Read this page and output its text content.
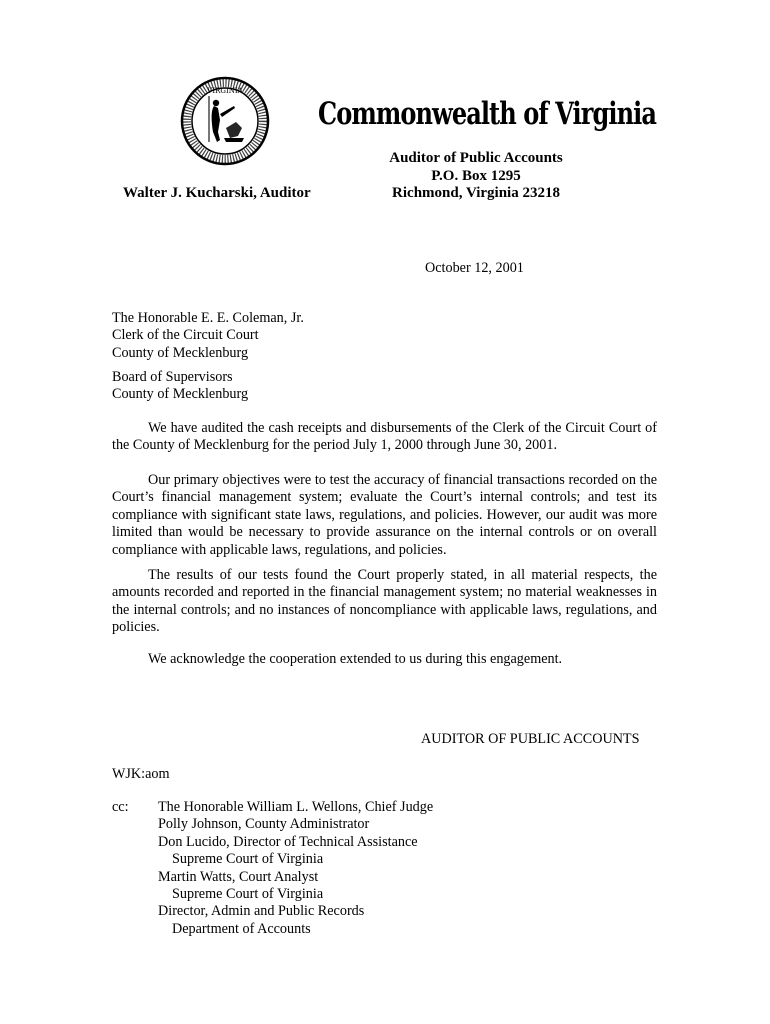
VIRGINIA
Commonwealth of Virginia
Auditor of Public Accounts
P.O. Box 1295
Richmond, Virginia 23218
Walter J. Kucharski, Auditor
October 12, 2001
The Honorable E. E. Coleman, Jr.
Clerk of the Circuit Court
County of Mecklenburg
Board of Supervisors
County of Mecklenburg
We have audited the cash receipts and disbursements of the Clerk of the Circuit Court of the County of Mecklenburg for the period July 1, 2000 through June 30, 2001.
Our primary objectives were to test the accuracy of financial transactions recorded on the Court’s financial management system; evaluate the Court’s internal controls; and test its compliance with significant state laws, regulations, and policies. However, our audit was more limited than would be necessary to provide assurance on the internal controls or on overall compliance with applicable laws, regulations, and policies.
The results of our tests found the Court properly stated, in all material respects, the amounts recorded and reported in the financial management system; no material weaknesses in the internal controls; and no instances of noncompliance with applicable laws, regulations, and policies.
We acknowledge the cooperation extended to us during this engagement.
AUDITOR OF PUBLIC ACCOUNTS
WJK:aom
cc: The Honorable William L. Wellons, Chief Judge
Polly Johnson, County Administrator
Don Lucido, Director of Technical Assistance
Supreme Court of Virginia
Martin Watts, Court Analyst
Supreme Court of Virginia
Director, Admin and Public Records
Department of Accounts
